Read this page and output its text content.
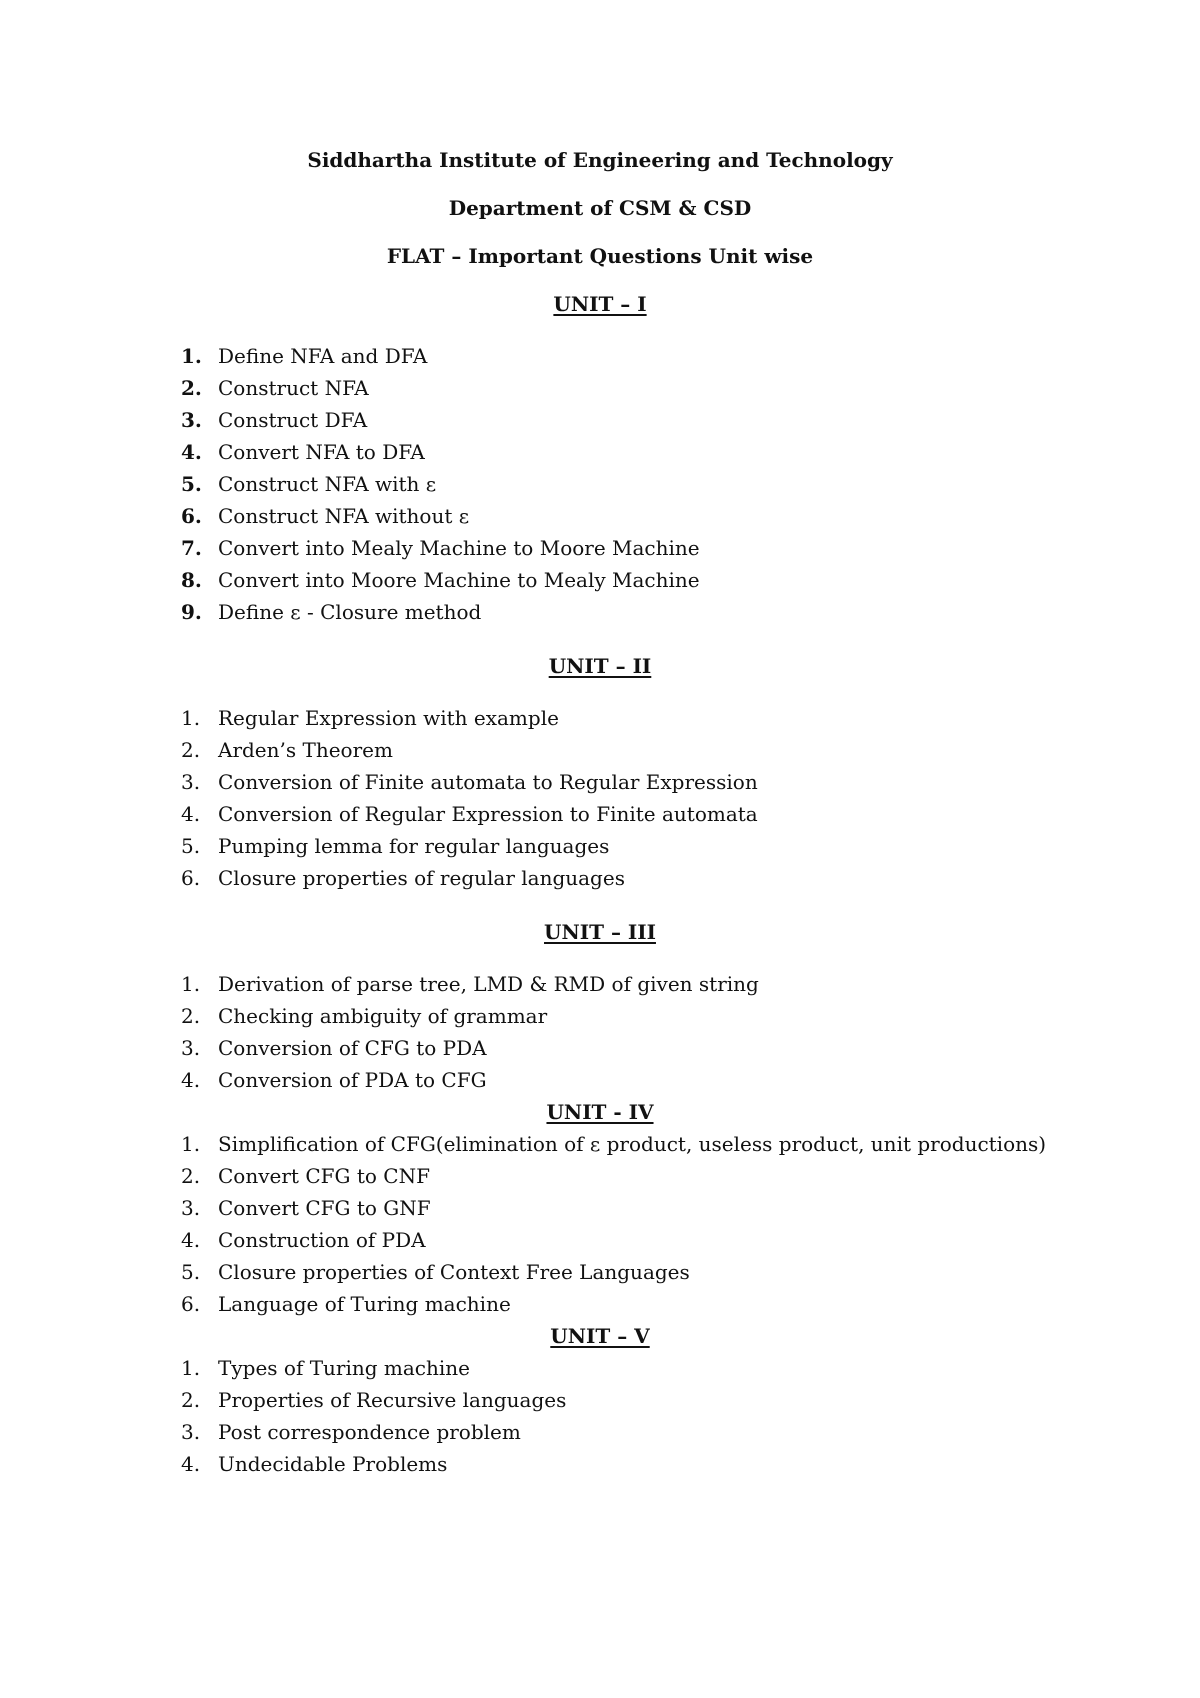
Siddhartha Institute of Engineering and Technology
Department of CSM & CSD
FLAT – Important Questions Unit wise
UNIT – I
1. Define NFA and DFA
2. Construct NFA
3. Construct DFA
4. Convert NFA to DFA
5. Construct NFA with ε
6. Construct NFA without ε
7. Convert into Mealy Machine to Moore Machine
8. Convert into Moore Machine to Mealy Machine
9. Define ε - Closure method
UNIT – II
1. Regular Expression with example
2. Arden’s Theorem
3. Conversion of Finite automata to Regular Expression
4. Conversion of Regular Expression to Finite automata
5. Pumping lemma for regular languages
6. Closure properties of regular languages
UNIT – III
1. Derivation of parse tree, LMD & RMD of given string
2. Checking ambiguity of grammar
3. Conversion of CFG to PDA
4. Conversion of PDA to CFG
UNIT - IV
1. Simplification of CFG(elimination of ε product, useless product, unit productions)
2. Convert CFG to CNF
3. Convert CFG to GNF
4. Construction of PDA
5. Closure properties of Context Free Languages
6. Language of Turing machine
UNIT – V
1. Types of Turing machine
2. Properties of Recursive languages
3. Post correspondence problem
4. Undecidable Problems
